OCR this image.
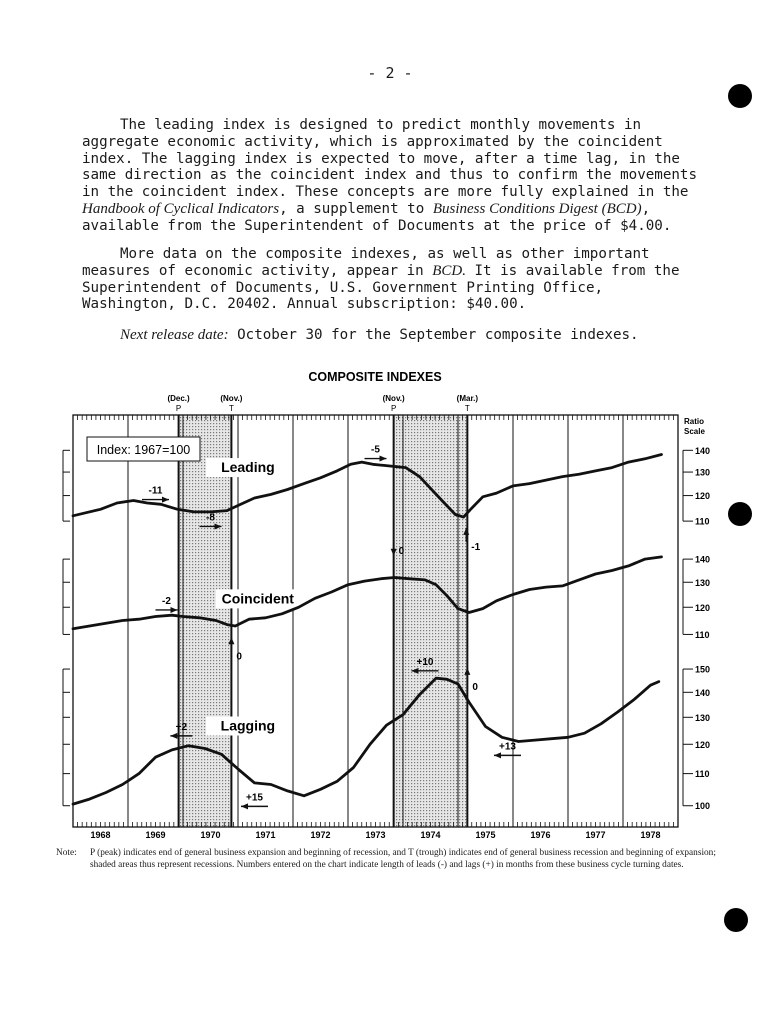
- 2 -

The leading index is designed to predict monthly movements in aggregate economic activity, which is approximated by the coincident index. The lagging index is expected to move, after a time lag, in the same direction as the coincident index and thus to confirm the movements in the coincident index. These concepts are more fully explained in the Handbook of Cyclical Indicators, a supplement to Business Conditions Digest (BCD), available from the Superintendent of Documents at the price of $4.00.

More data on the composite indexes, as well as other important measures of economic activity, appear in BCD. It is available from the Superintendent of Documents, U.S. Government Printing Office, Washington, D.C. 20402. Annual subscription: $40.00.

Next release date: October 30 for the September composite indexes.

COMPOSITE INDEXES
(Dec.)
P
(Nov.)
T
(Nov.)
P
(Mar.)
T
1968	1969	1970	1971	1972	1973	1974	1975	1976	1977	1978
140
130
120
110
Leading
140
130
120
110
Coincident
150
140
130
120
110
100
Lagging
-11
-8
-5
-1
0
-2
0
+10
0
+2
+13
+15
Index: 1967=100
Ratio
Scale
Note: P (peak) indicates end of general business expansion and beginning of recession, and T (trough) indicates end of general business recession and beginning of expansion; shaded areas thus represent recessions. Numbers entered on the chart indicate length of leads (-) and lags (+) in months from these business cycle turning dates.
